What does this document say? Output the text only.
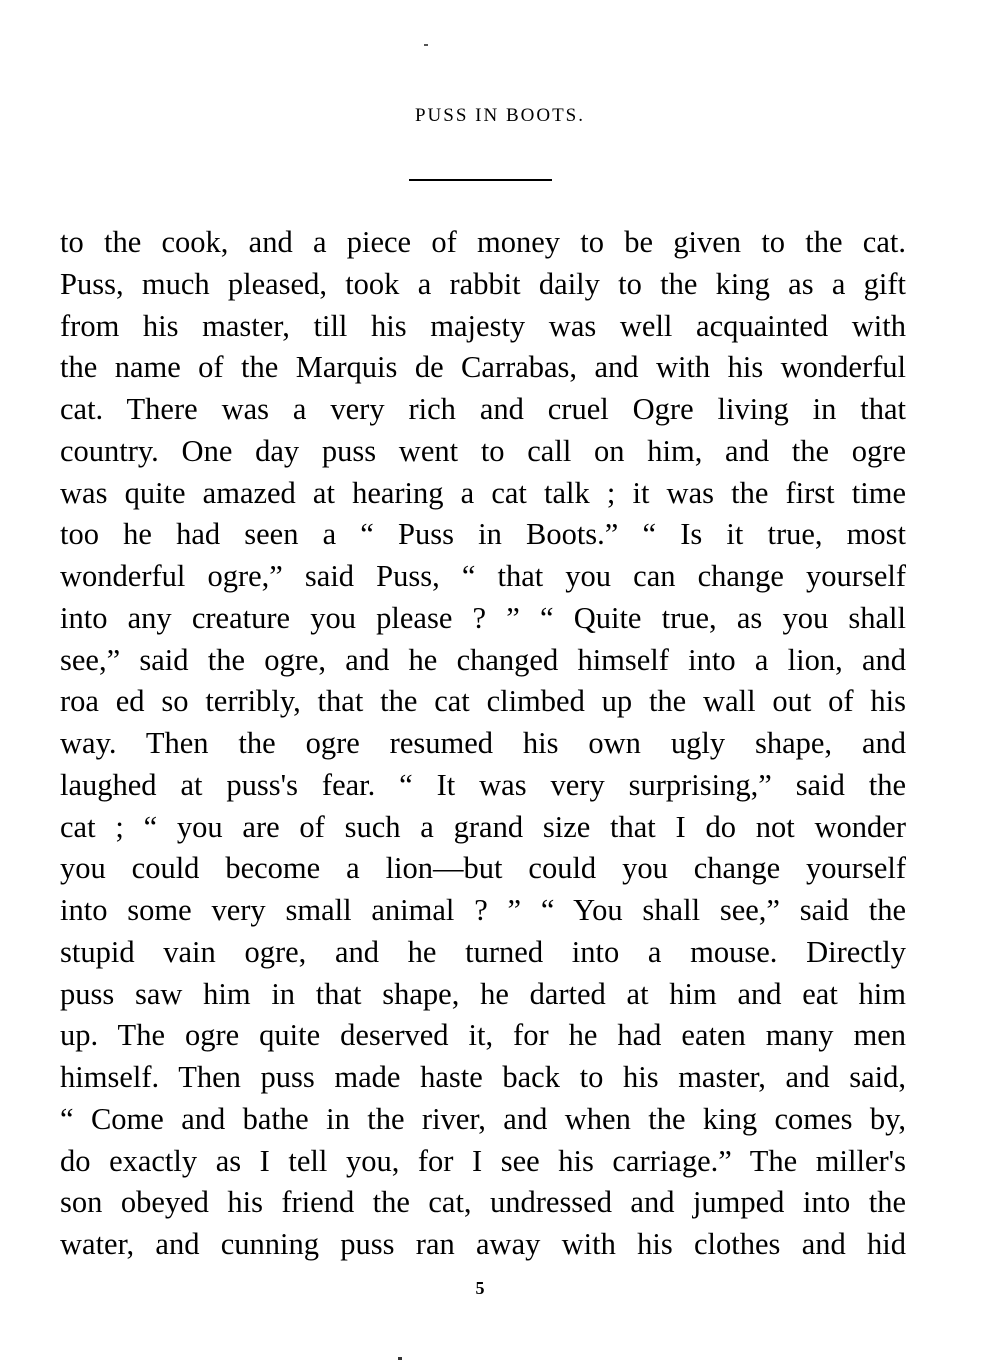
PUSS IN BOOTS.
to the cook, and a piece of money to be given to the cat.
Puss, much pleased, took a rabbit daily to the king as a gift
from his master, till his majesty was well acquainted with
the name of the Marquis de Carrabas, and with his wonderful
cat. There was a very rich and cruel Ogre living in that
country. One day puss went to call on him, and the ogre
was quite amazed at hearing a cat talk ; it was the first time
too he had seen a “ Puss in Boots.” “ Is it true, most
wonderful ogre,” said Puss, “ that you can change yourself
into any creature you please ? ” “ Quite true, as you shall
see,” said the ogre, and he changed himself into a lion, and
roa ed so terribly, that the cat climbed up the wall out of his
way. Then the ogre resumed his own ugly shape, and
laughed at puss's fear. “ It was very surprising,” said the
cat ; “ you are of such a grand size that I do not wonder
you could become a lion—but could you change yourself
into some very small animal ? ” “ You shall see,” said the
stupid vain ogre, and he turned into a mouse. Directly
puss saw him in that shape, he darted at him and eat him
up. The ogre quite deserved it, for he had eaten many men
himself. Then puss made haste back to his master, and said,
“ Come and bathe in the river, and when the king comes by,
do exactly as I tell you, for I see his carriage.” The miller's
son obeyed his friend the cat, undressed and jumped into the
water, and cunning puss ran away with his clothes and hid
5
